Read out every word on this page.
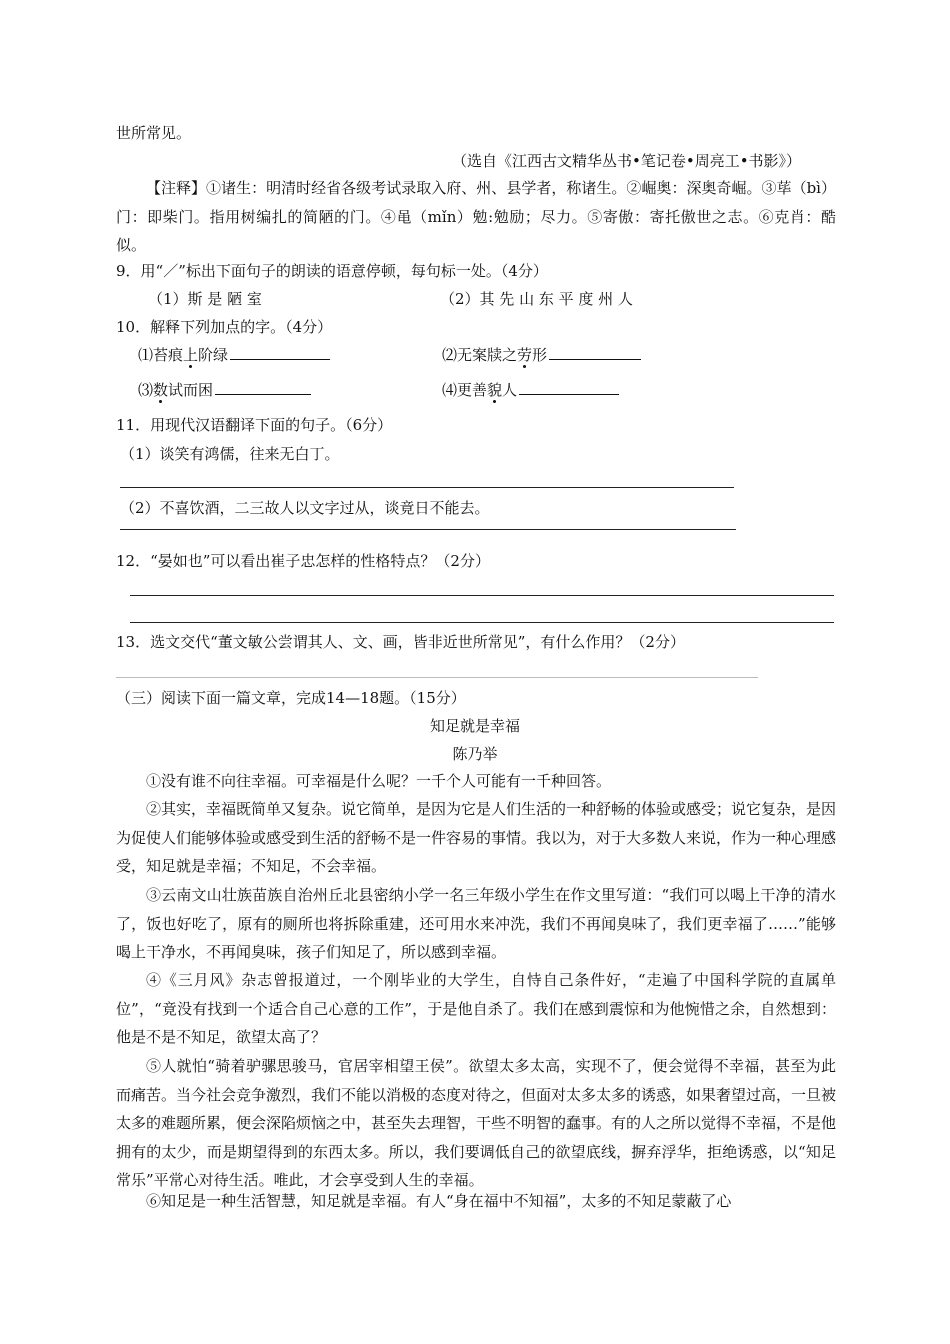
世所常见。
（选自《江西古文精华丛书•笔记卷•周亮工•书影》）

【注释】①诸生：明清时经省各级考试录取入府、州、县学者，称诸生。②崛奥：深奥奇崛。③荜（bì）门：即柴门。指用树编扎的简陋的门。④黾（mǐn）勉:勉励；尽力。⑤寄傲：寄托傲世之志。⑥克肖：酷似。

9．用“／”标出下面句子的朗读的语意停顿，每句标一处。（4分）
（1）斯 是 陋 室	（2）其 先 山 东 平 度 州 人
10．解释下列加点的字。（4分）
⑴苔痕上阶绿	⑵无案牍之劳形
⑶数试而困	⑷更善貌人
11．用现代汉语翻译下面的句子。（6分）
（1）谈笑有鸿儒，往来无白丁。
（2）不喜饮酒，二三故人以文字过从，谈竟日不能去。
12．“晏如也”可以看出崔子忠怎样的性格特点？（2分）
13．选文交代“董文敏公尝谓其人、文、画，皆非近世所常见”，有什么作用？（2分）
（三）阅读下面一篇文章，完成14—18题。（15分）
知足就是幸福
陈乃举

①没有谁不向往幸福。可幸福是什么呢？一千个人可能有一千种回答。

②其实，幸福既简单又复杂。说它简单，是因为它是人们生活的一种舒畅的体验或感受；说它复杂，是因为促使人们能够体验或感受到生活的舒畅不是一件容易的事情。我以为，对于大多数人来说，作为一种心理感受，知足就是幸福；不知足，不会幸福。

③云南文山壮族苗族自治州丘北县密纳小学一名三年级小学生在作文里写道：“我们可以喝上干净的清水了，饭也好吃了，原有的厕所也将拆除重建，还可用水来冲洗，我们不再闻臭味了，我们更幸福了……”能够喝上干净水，不再闻臭味，孩子们知足了，所以感到幸福。

④《三月风》杂志曾报道过，一个刚毕业的大学生，自恃自己条件好，“走遍了中国科学院的直属单位”，“竟没有找到一个适合自己心意的工作”，于是他自杀了。我们在感到震惊和为他惋惜之余，自然想到：他是不是不知足，欲望太高了？

⑤人就怕“骑着驴骡思骏马，官居宰相望王侯”。欲望太多太高，实现不了，便会觉得不幸福，甚至为此而痛苦。当今社会竞争激烈，我们不能以消极的态度对待之，但面对太多太多的诱惑，如果奢望过高，一旦被太多的难题所累，便会深陷烦恼之中，甚至失去理智，干些不明智的蠢事。有的人之所以觉得不幸福，不是他拥有的太少，而是期望得到的东西太多。所以，我们要调低自己的欲望底线，摒弃浮华，拒绝诱惑，以“知足常乐”平常心对待生活。唯此，才会享受到人生的幸福。

⑥知足是一种生活智慧，知足就是幸福。有人“身在福中不知福”，太多的不知足蒙蔽了心
